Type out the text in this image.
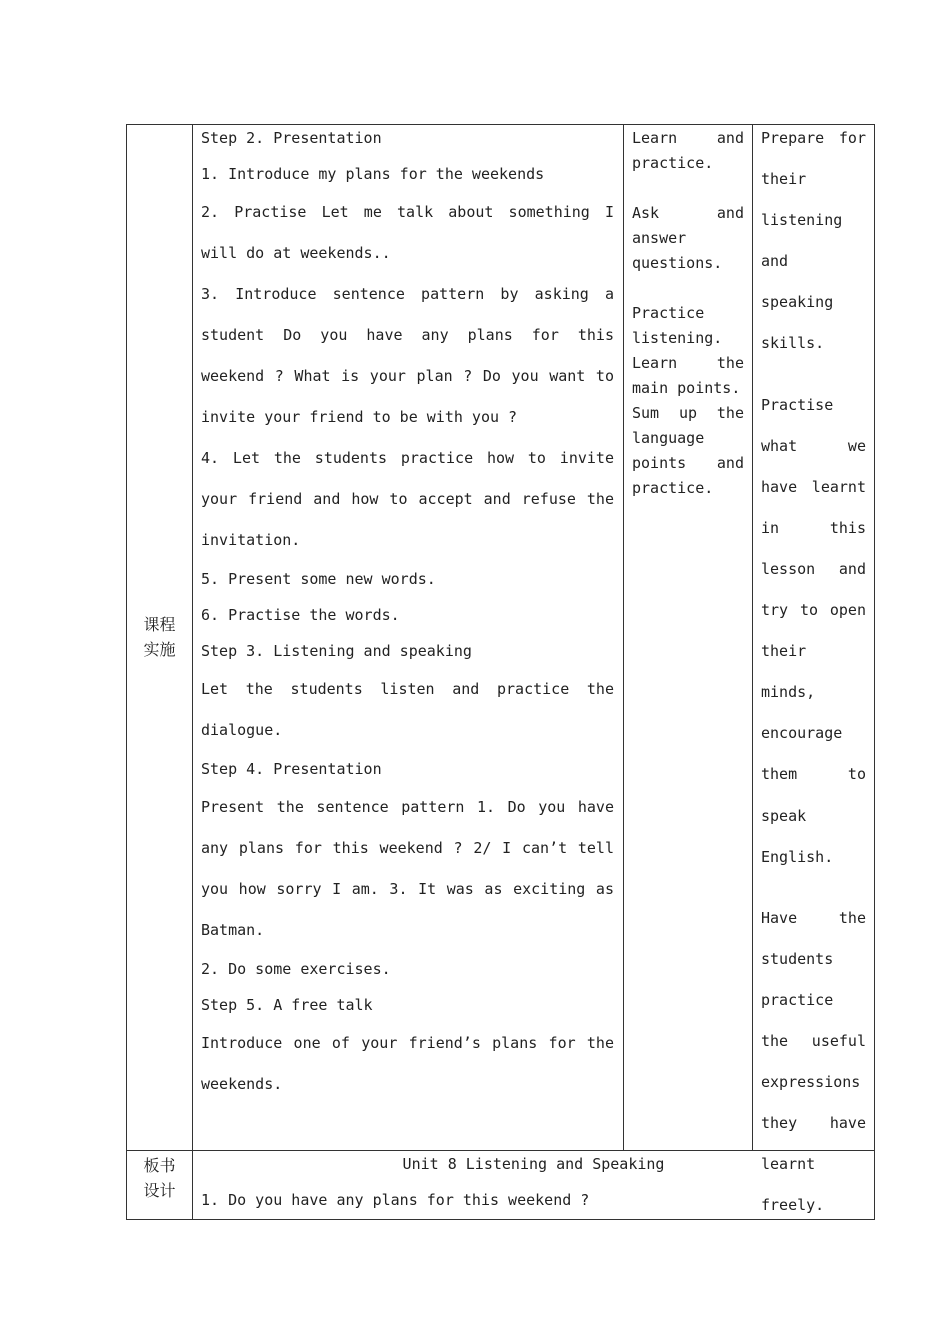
课程
实施

Step 2. Presentation

1. Introduce my plans for the weekends

2. Practise Let me talk about something I will do at weekends..

3. Introduce sentence pattern by asking a student Do you have any plans for this weekend ? What is your plan ? Do you want to invite your friend to be with you ?

4. Let the students practice how to invite your friend and how to accept and refuse the invitation.

5. Present some new words.

6. Practise the words.

Step 3. Listening and speaking

Let the students listen and practice the dialogue.

Step 4. Presentation

Present the sentence pattern 1. Do you have any plans for this weekend ? 2/ I can’t tell you how sorry I am. 3. It was as exciting as Batman.

2. Do some exercises.

Step 5. A free talk

Introduce one of your friend’s plans for the weekends.

Learn and practice.

Ask and answer questions.

Practice listening.

Learn the main points.

Sum up the language points and practice.

Prepare for their listening and speaking skills.

Practise what we have learnt in this lesson and try to open their minds, encourage them to speak English.

Have the students practice the useful expressions they have learnt freely.

板书
设计
Unit 8 Listening and Speaking
1. Do you have any plans for this weekend ?
